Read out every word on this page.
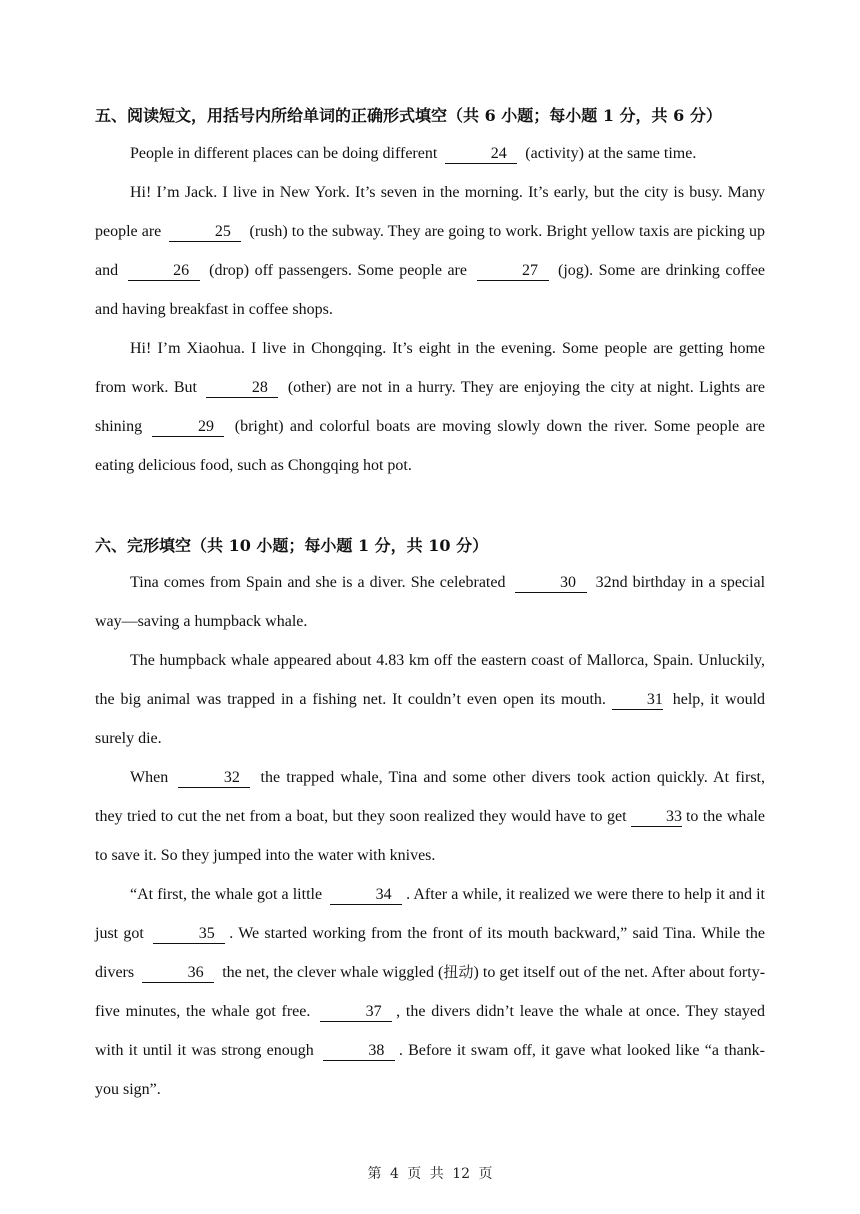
五、阅读短文，用括号内所给单词的正确形式填空（共 6 小题；每小题 1 分，共 6 分）
People in different places can be doing different	24 (activity) at the same time.
Hi! I’m Jack. I live in New York. It’s seven in the morning. It’s early, but the city is busy. Many people are	25 (rush) to the subway. They are going to work. Bright yellow taxis are picking up and	26 (drop) off passengers. Some people are	27 (jog). Some are drinking coffee and having breakfast in coffee shops.
Hi! I’m Xiaohua. I live in Chongqing. It’s eight in the evening. Some people are getting home from work. But	28 (other) are not in a hurry. They are enjoying the city at night. Lights are shining	29 (bright) and colorful boats are moving slowly down the river. Some people are eating delicious food, such as Chongqing hot pot.
六、完形填空（共 10 小题；每小题 1 分，共 10 分）
Tina comes from Spain and she is a diver. She celebrated	30 32nd birthday in a special way—saving a humpback whale.
The humpback whale appeared about 4.83 km off the eastern coast of Mallorca, Spain. Unluckily, the big animal was trapped in a fishing net. It couldn’t even open its mouth.	31 help, it would surely die.
When	32 the trapped whale, Tina and some other divers took action quickly. At first, they tried to cut the net from a boat, but they soon realized they would have to get 33 to the whale to save it. So they jumped into the water with knives.
“At first, the whale got a little	34 . After a while, it realized we were there to help it and it just got	35 . We started working from the front of its mouth backward,” said Tina. While the divers	36 the net, the clever whale wiggled (扭动) to get itself out of the net. After about forty-five minutes, the whale got free.	37 , the divers didn’t leave the whale at once. They stayed with it until it was strong enough	38 . Before it swam off, it gave what looked like “a thank-you sign”.
第 4 页 共 12 页
